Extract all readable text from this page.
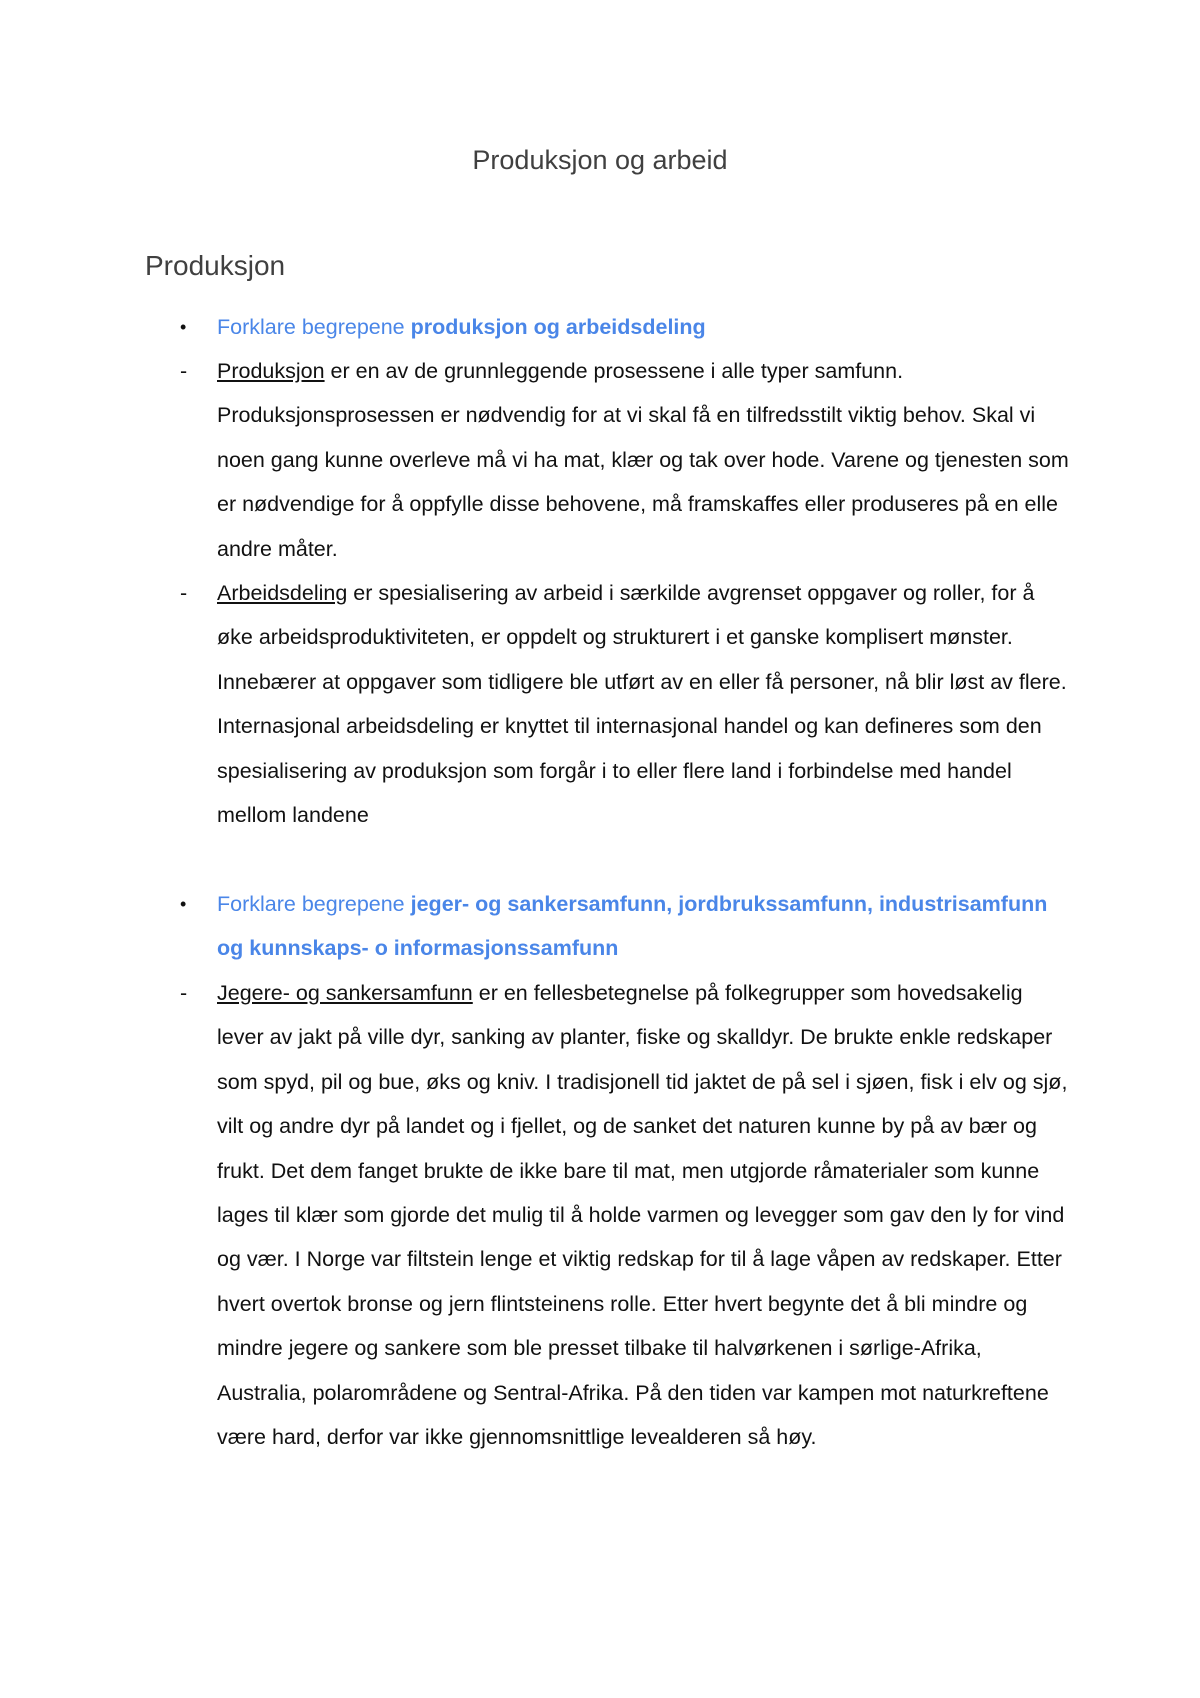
Produksjon og arbeid
Produksjon

• Forklare begrepene produksjon og arbeidsdeling

- Produksjon er en av de grunnleggende prosessene i alle typer samfunn. Produksjonsprosessen er nødvendig for at vi skal få en tilfredsstilt viktig behov. Skal vi noen gang kunne overleve må vi ha mat, klær og tak over hode. Varene og tjenesten som er nødvendige for å oppfylle disse behovene, må framskaffes eller produseres på en elle andre måter.

- Arbeidsdeling er spesialisering av arbeid i særkilde avgrenset oppgaver og roller, for å øke arbeidsproduktiviteten, er oppdelt og strukturert i et ganske komplisert mønster. Innebærer at oppgaver som tidligere ble utført av en eller få personer, nå blir løst av flere. Internasjonal arbeidsdeling er knyttet til internasjonal handel og kan defineres som den spesialisering av produksjon som forgår i to eller flere land i forbindelse med handel mellom landene

• Forklare begrepene jeger- og sankersamfunn, jordbrukssamfunn, industrisamfunn og kunnskaps- o informasjonssamfunn

- Jegere- og sankersamfunn er en fellesbetegnelse på folkegrupper som hovedsakelig lever av jakt på ville dyr, sanking av planter, fiske og skalldyr. De brukte enkle redskaper som spyd, pil og bue, øks og kniv. I tradisjonell tid jaktet de på sel i sjøen, fisk i elv og sjø, vilt og andre dyr på landet og i fjellet, og de sanket det naturen kunne by på av bær og frukt. Det dem fanget brukte de ikke bare til mat, men utgjorde råmaterialer som kunne lages til klær som gjorde det mulig til å holde varmen og levegger som gav den ly for vind og vær. I Norge var filtstein lenge et viktig redskap for til å lage våpen av redskaper. Etter hvert overtok bronse og jern flintsteinens rolle. Etter hvert begynte det å bli mindre og mindre jegere og sankere som ble presset tilbake til halvørkenen i sørlige-Afrika, Australia, polarområdene og Sentral-Afrika. På den tiden var kampen mot naturkreftene være hard, derfor var ikke gjennomsnittlige levealderen så høy.
